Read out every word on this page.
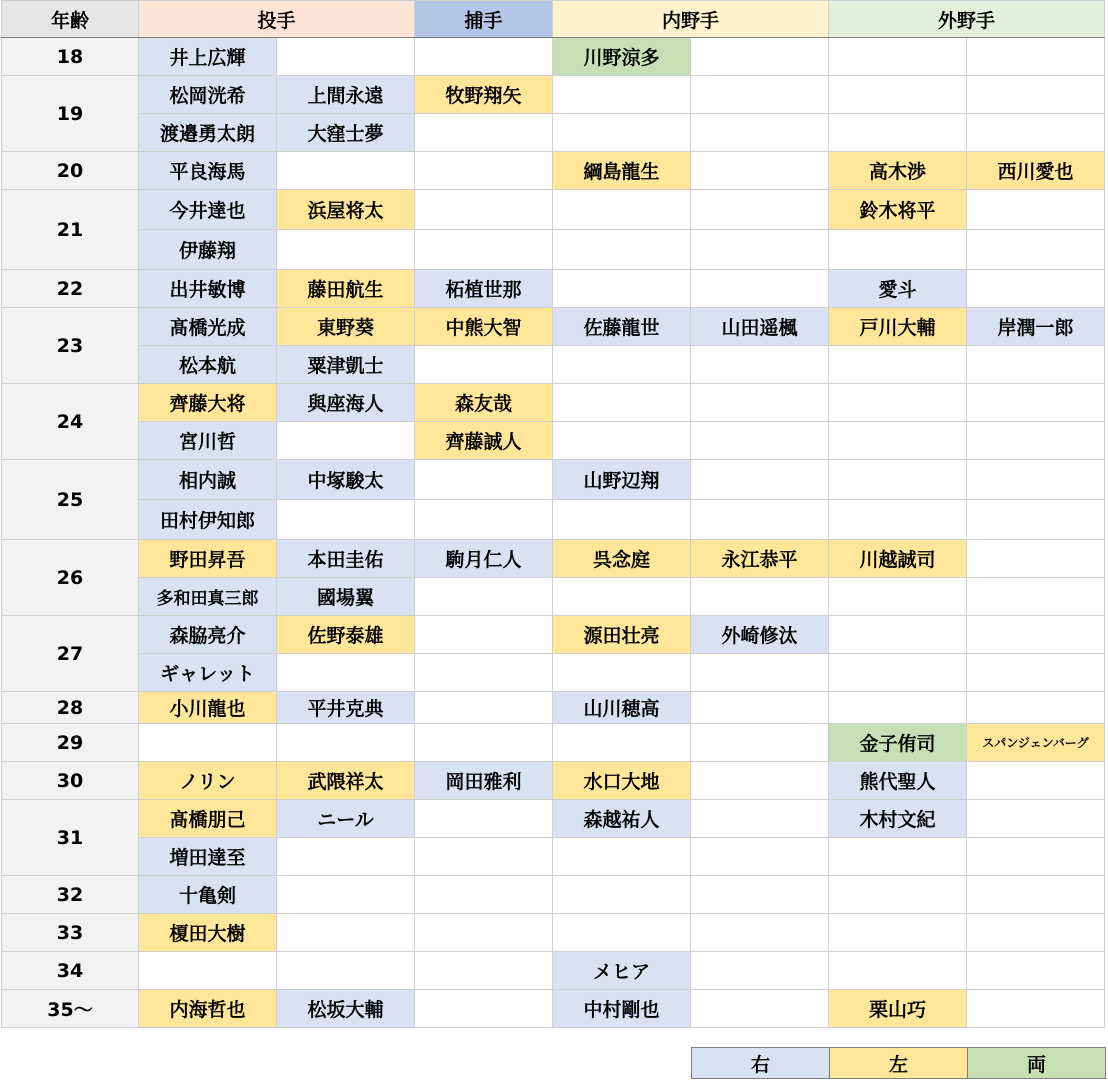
年齢	投手		捕手	内野手		外野手	
18	井上広輝			川野涼多			
19	松岡洸希	上間永遠	牧野翔矢				
	渡邉勇太朗	大窪士夢					
20	平良海馬			綱島龍生		高木渉	西川愛也
21	今井達也	浜屋将太				鈴木将平	
	伊藤翔						
22	出井敏博	藤田航生	柘植世那			愛斗	
23	髙橋光成	東野葵	中熊大智	佐藤龍世	山田遥楓	戸川大輔	岸潤一郎
	松本航	粟津凱士					
24	齊藤大将	與座海人	森友哉				
	宮川哲		齊藤誠人				
25	相内誠	中塚駿太		山野辺翔			
	田村伊知郎						
26	野田昇吾	本田圭佑	駒月仁人	呉念庭	永江恭平	川越誠司	
	多和田真三郎	國場翼					
27	森脇亮介	佐野泰雄		源田壮亮	外崎修汰		
	ギャレット						
28	小川龍也	平井克典		山川穂高			
29						金子侑司	スパンジェンバーグ
30	ノリン	武隈祥太	岡田雅利	水口大地		熊代聖人	
31	髙橋朋己	ニール		森越祐人		木村文紀	
	増田達至						
32	十亀剣						
33	榎田大樹						
34				メヒア			
35～	内海哲也	松坂大輔		中村剛也		栗山巧	
右	左	両
